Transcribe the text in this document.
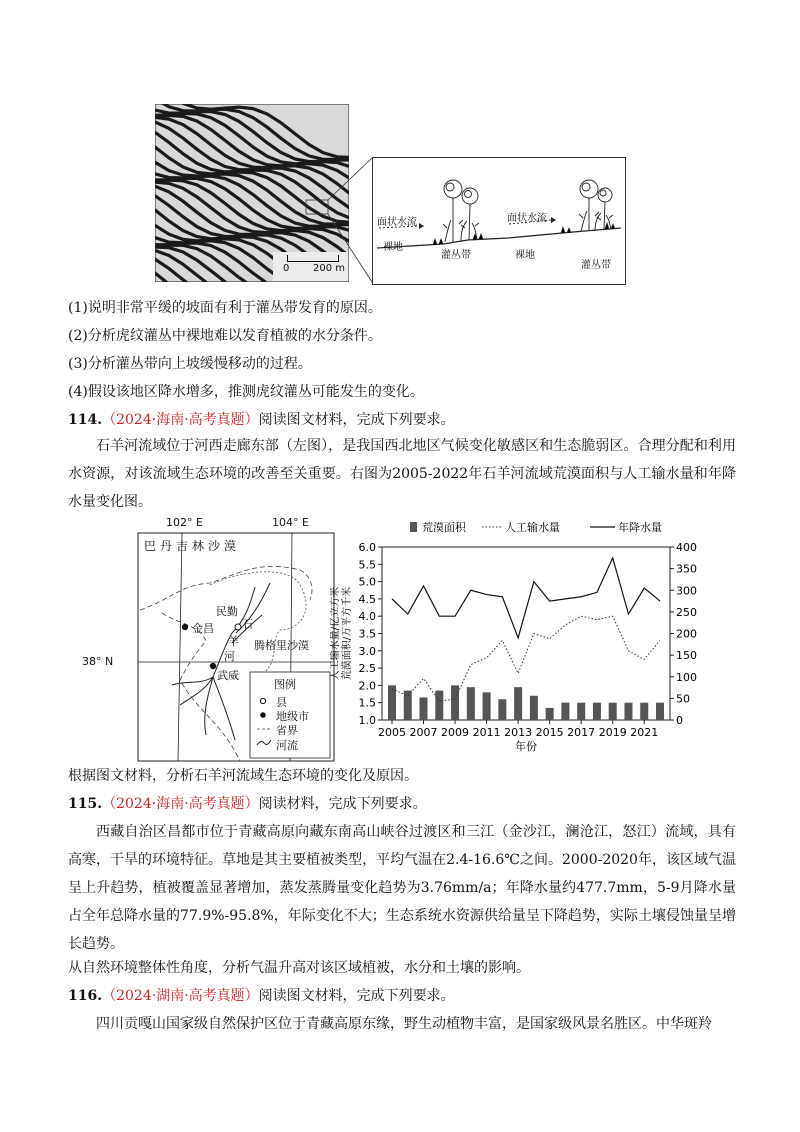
0 200 m
面状水流
裸地
灌丛带
面状水流
裸地
灌丛带
(1)说明非常平缓的坡面有利于灌丛带发育的原因。
(2)分析虎纹灌丛中裸地难以发育植被的水分条件。
(3)分析灌丛带向上坡缓慢移动的过程。
(4)假设该地区降水增多，推测虎纹灌丛可能发生的变化。
114.（2024·海南·高考真题）阅读图文材料，完成下列要求。
石羊河流域位于河西走廊东部（左图），是我国西北地区气候变化敏感区和生态脆弱区。合理分配和利用水资源，对该流域生态环境的改善至关重要。右图为2005-2022年石羊河流域荒漠面积与人工输水量和年降水量变化图。
102° E	104° E
38° N
巴丹吉林沙漠
腾格里沙漠
民勤
金昌
武威
石
羊
河
图例
县
地级市
省界
河流
1.0
1.5
2.0
2.5
3.0
3.5
4.0
4.5
5.0
5.5
6.0
0
50
100
150
200
250
300
350
400
2005 2007 2009 2011 2013 2015 2017 2019 2021
年份
人工输水量/亿立方米 荒漠面积/万平方千米
荒漠面积	人工输水量	年降水量
根据图文材料，分析石羊河流域生态环境的变化及原因。
115.（2024·海南·高考真题）阅读材料，完成下列要求。
西藏自治区昌都市位于青藏高原向藏东南高山峡谷过渡区和三江（金沙江，澜沧江，怒江）流域，具有高寒，干旱的环境特征。草地是其主要植被类型，平均气温在2.4-16.6℃之间。2000-2020年，该区域气温呈上升趋势，植被覆盖显著增加，蒸发蒸腾量变化趋势为3.76mm/a；年降水量约477.7mm，5-9月降水量占全年总降水量的77.9%-95.8%，年际变化不大；生态系统水资源供给量呈下降趋势，实际土壤侵蚀量呈增长趋势。
从自然环境整体性角度，分析气温升高对该区域植被，水分和土壤的影响。
116.（2024·湖南·高考真题）阅读图文材料，完成下列要求。
四川贡嘎山国家级自然保护区位于青藏高原东缘，野生动植物丰富，是国家级风景名胜区。中华斑羚
